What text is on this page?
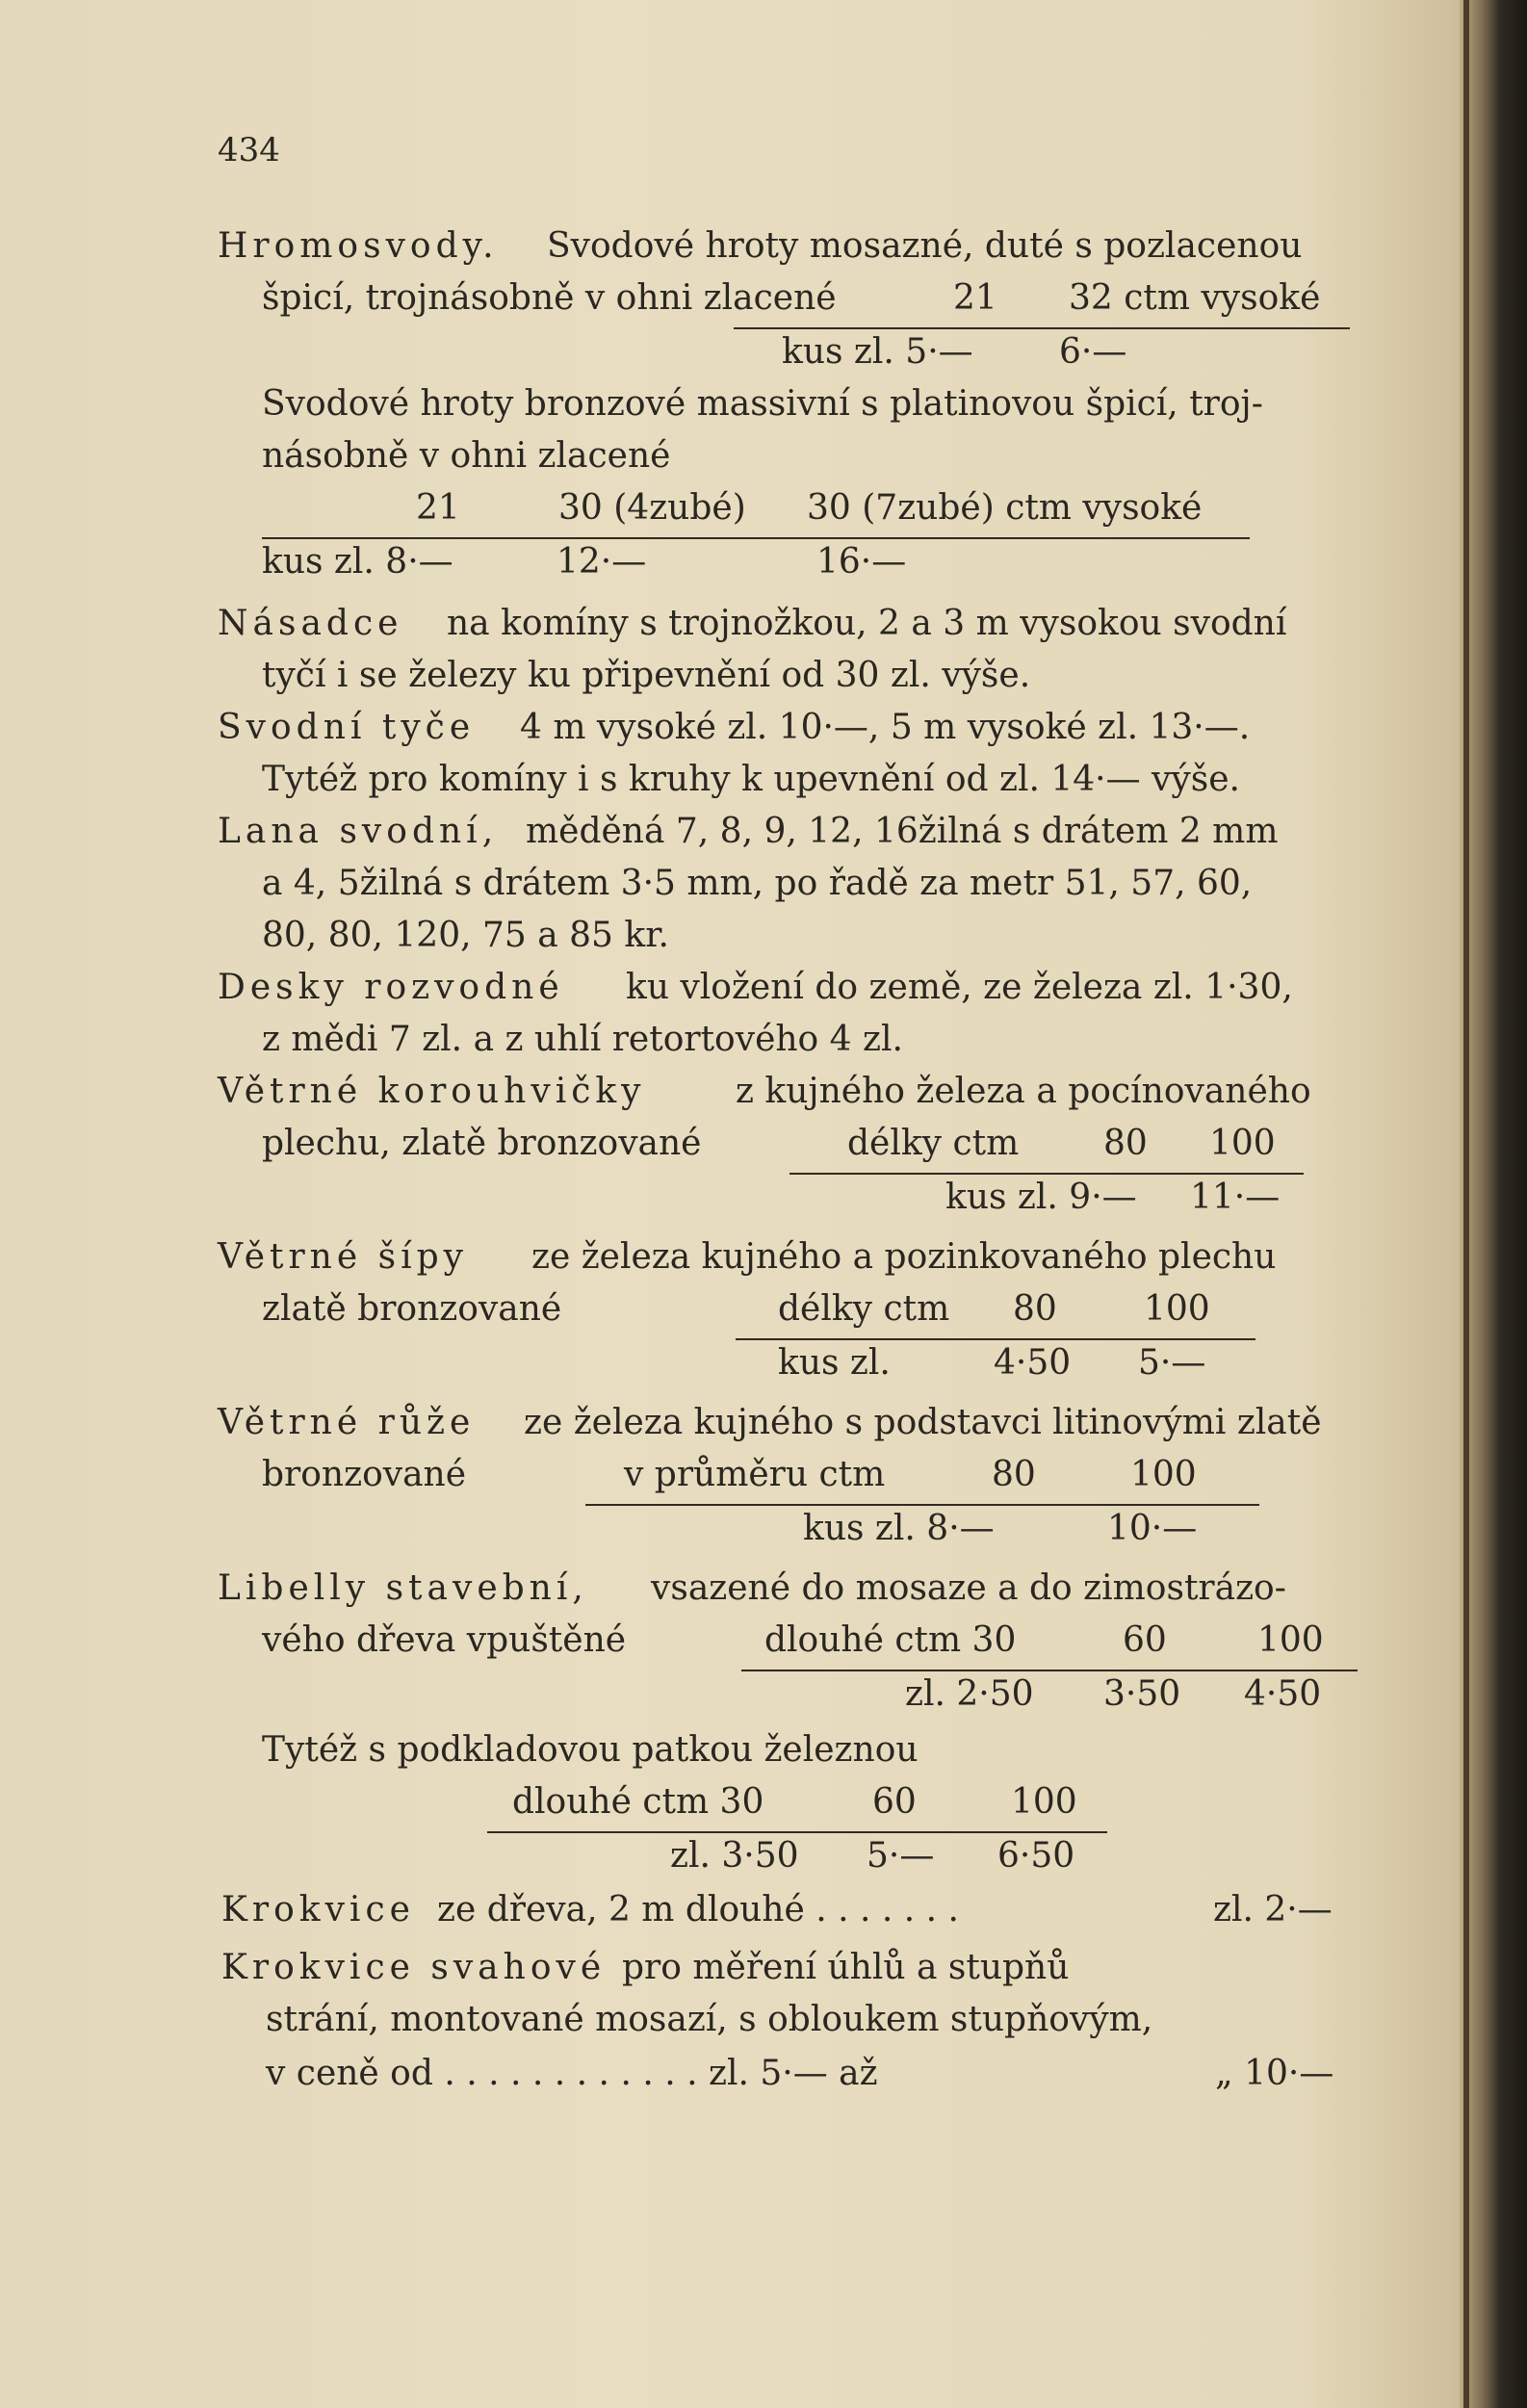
434
Hromosvody. Svodové hroty mosazné, duté s pozlacenou
špicí, trojnásobně v ohni zlacené	21 32 ctm vysoké
kus zl. 5·— 6·—
Svodové hroty bronzové massivní s platinovou špicí, troj-
násobně v ohni zlacené
21	30 (4zubé) 30 (7zubé) ctm vysoké
kus zl. 8·—	12·—	16·—
Násadce na komíny s trojnožkou, 2 a 3 m vysokou svodní
tyčí i se železy ku připevnění od 30 zl. výše.
Svodní tyče 4 m vysoké zl. 10·—, 5 m vysoké zl. 13·—.
Tytéž pro komíny i s kruhy k upevnění od zl. 14·— výše.
Lana svodní, měděná 7, 8, 9, 12, 16žilná s drátem 2 mm
a 4, 5žilná s drátem 3·5 mm, po řadě za metr 51, 57, 60,
80, 80, 120, 75 a 85 kr.
Desky rozvodné ku vložení do země, ze železa zl. 1·30,
z mědi 7 zl. a z uhlí retortového 4 zl.
Větrné korouhvičky	z kujného železa a pocínovaného
plechu, zlatě bronzované	délky ctm 80 100
kus zl. 9·— 11·—
Větrné šípy ze železa kujného a pozinkovaného plechu
zlatě bronzované	délky ctm 80	100
kus zl.	4·50 5·—
Větrné růže ze železa kujného s podstavci litinovými zlatě
bronzované	v průměru ctm	80	100
kus zl. 8·—	10·—
Libelly stavební, vsazené do mosaze a do zimostrázo-
vého dřeva vpuštěné	dlouhé ctm 30	60	100
zl. 2·50 3·50 4·50
Tytéž s podkladovou patkou železnou
dlouhé ctm 30	60	100
zl. 3·50 5·— 6·50
Krokvice ze dřeva, 2 m dlouhé . . . . . . .	zl. 2·—
Krokvice svahové pro měření úhlů a stupňů
strání, montované mosazí, s obloukem stupňovým,
v ceně od . . . . . . . . . . . . zl. 5·— až	„ 10·—
